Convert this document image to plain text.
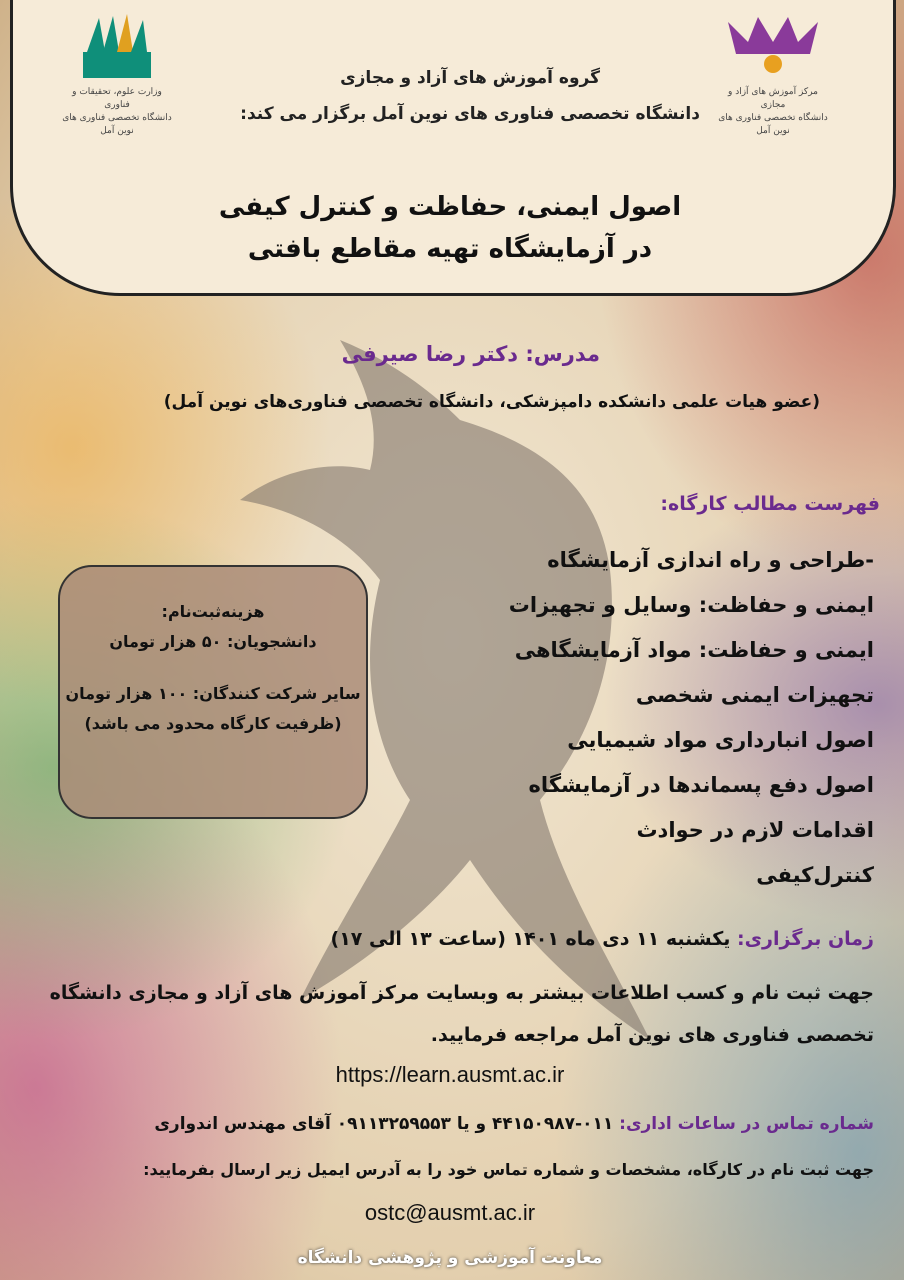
وزارت علوم، تحقیقات و فناوری
دانشگاه تخصصی فناوری های نوین آمل
مرکز آموزش های آزاد و مجازی
دانشگاه تخصصی فناوری های نوین آمل
گروه آموزش های آزاد و مجازی
دانشگاه تخصصی فناوری های نوین آمل برگزار می کند:
اصول ایمنی، حفاظت و کنترل کیفی
در آزمایشگاه تهیه مقاطع بافتی
مدرس: دکتر رضا صیرفی
(عضو هیات علمی دانشکده دامپزشکی، دانشگاه تخصصی فناوری‌های نوین آمل)
فهرست مطالب کارگاه:
-طراحی و راه اندازی آزمایشگاه
ایمنی و حفاظت: وسایل و تجهیزات
ایمنی و حفاظت: مواد آزمایشگاهی
تجهیزات ایمنی شخصی
اصول انبارداری مواد شیمیایی
اصول دفع پسماندها در آزمایشگاه
اقدامات لازم در حوادث
کنترل‌کیفی
هزینه‌ثبت‌نام:
دانشجویان: ۵۰ هزار تومان
سایر شرکت کنندگان: ۱۰۰ هزار تومان
(ظرفیت کارگاه محدود می باشد)
زمان برگزاری: یکشنبه ۱۱ دی ماه ۱۴۰۱ (ساعت ۱۳ الی ۱۷)
جهت ثبت نام و کسب اطلاعات بیشتر به وبسایت مرکز آموزش های آزاد و مجازی دانشگاه تخصصی فناوری های نوین آمل مراجعه فرمایید.
https://learn.ausmt.ac.ir
شماره تماس در ساعات اداری: ۰۱۱-۴۴۱۵۰۹۸۷ و یا ۰۹۱۱۳۲۵۹۵۵۳ آقای مهندس اندواری
جهت ثبت نام در کارگاه، مشخصات و شماره تماس خود را به آدرس ایمیل زیر ارسال بفرمایید:
ostc@ausmt.ac.ir
معاونت آموزشی و پژوهشی دانشگاه
